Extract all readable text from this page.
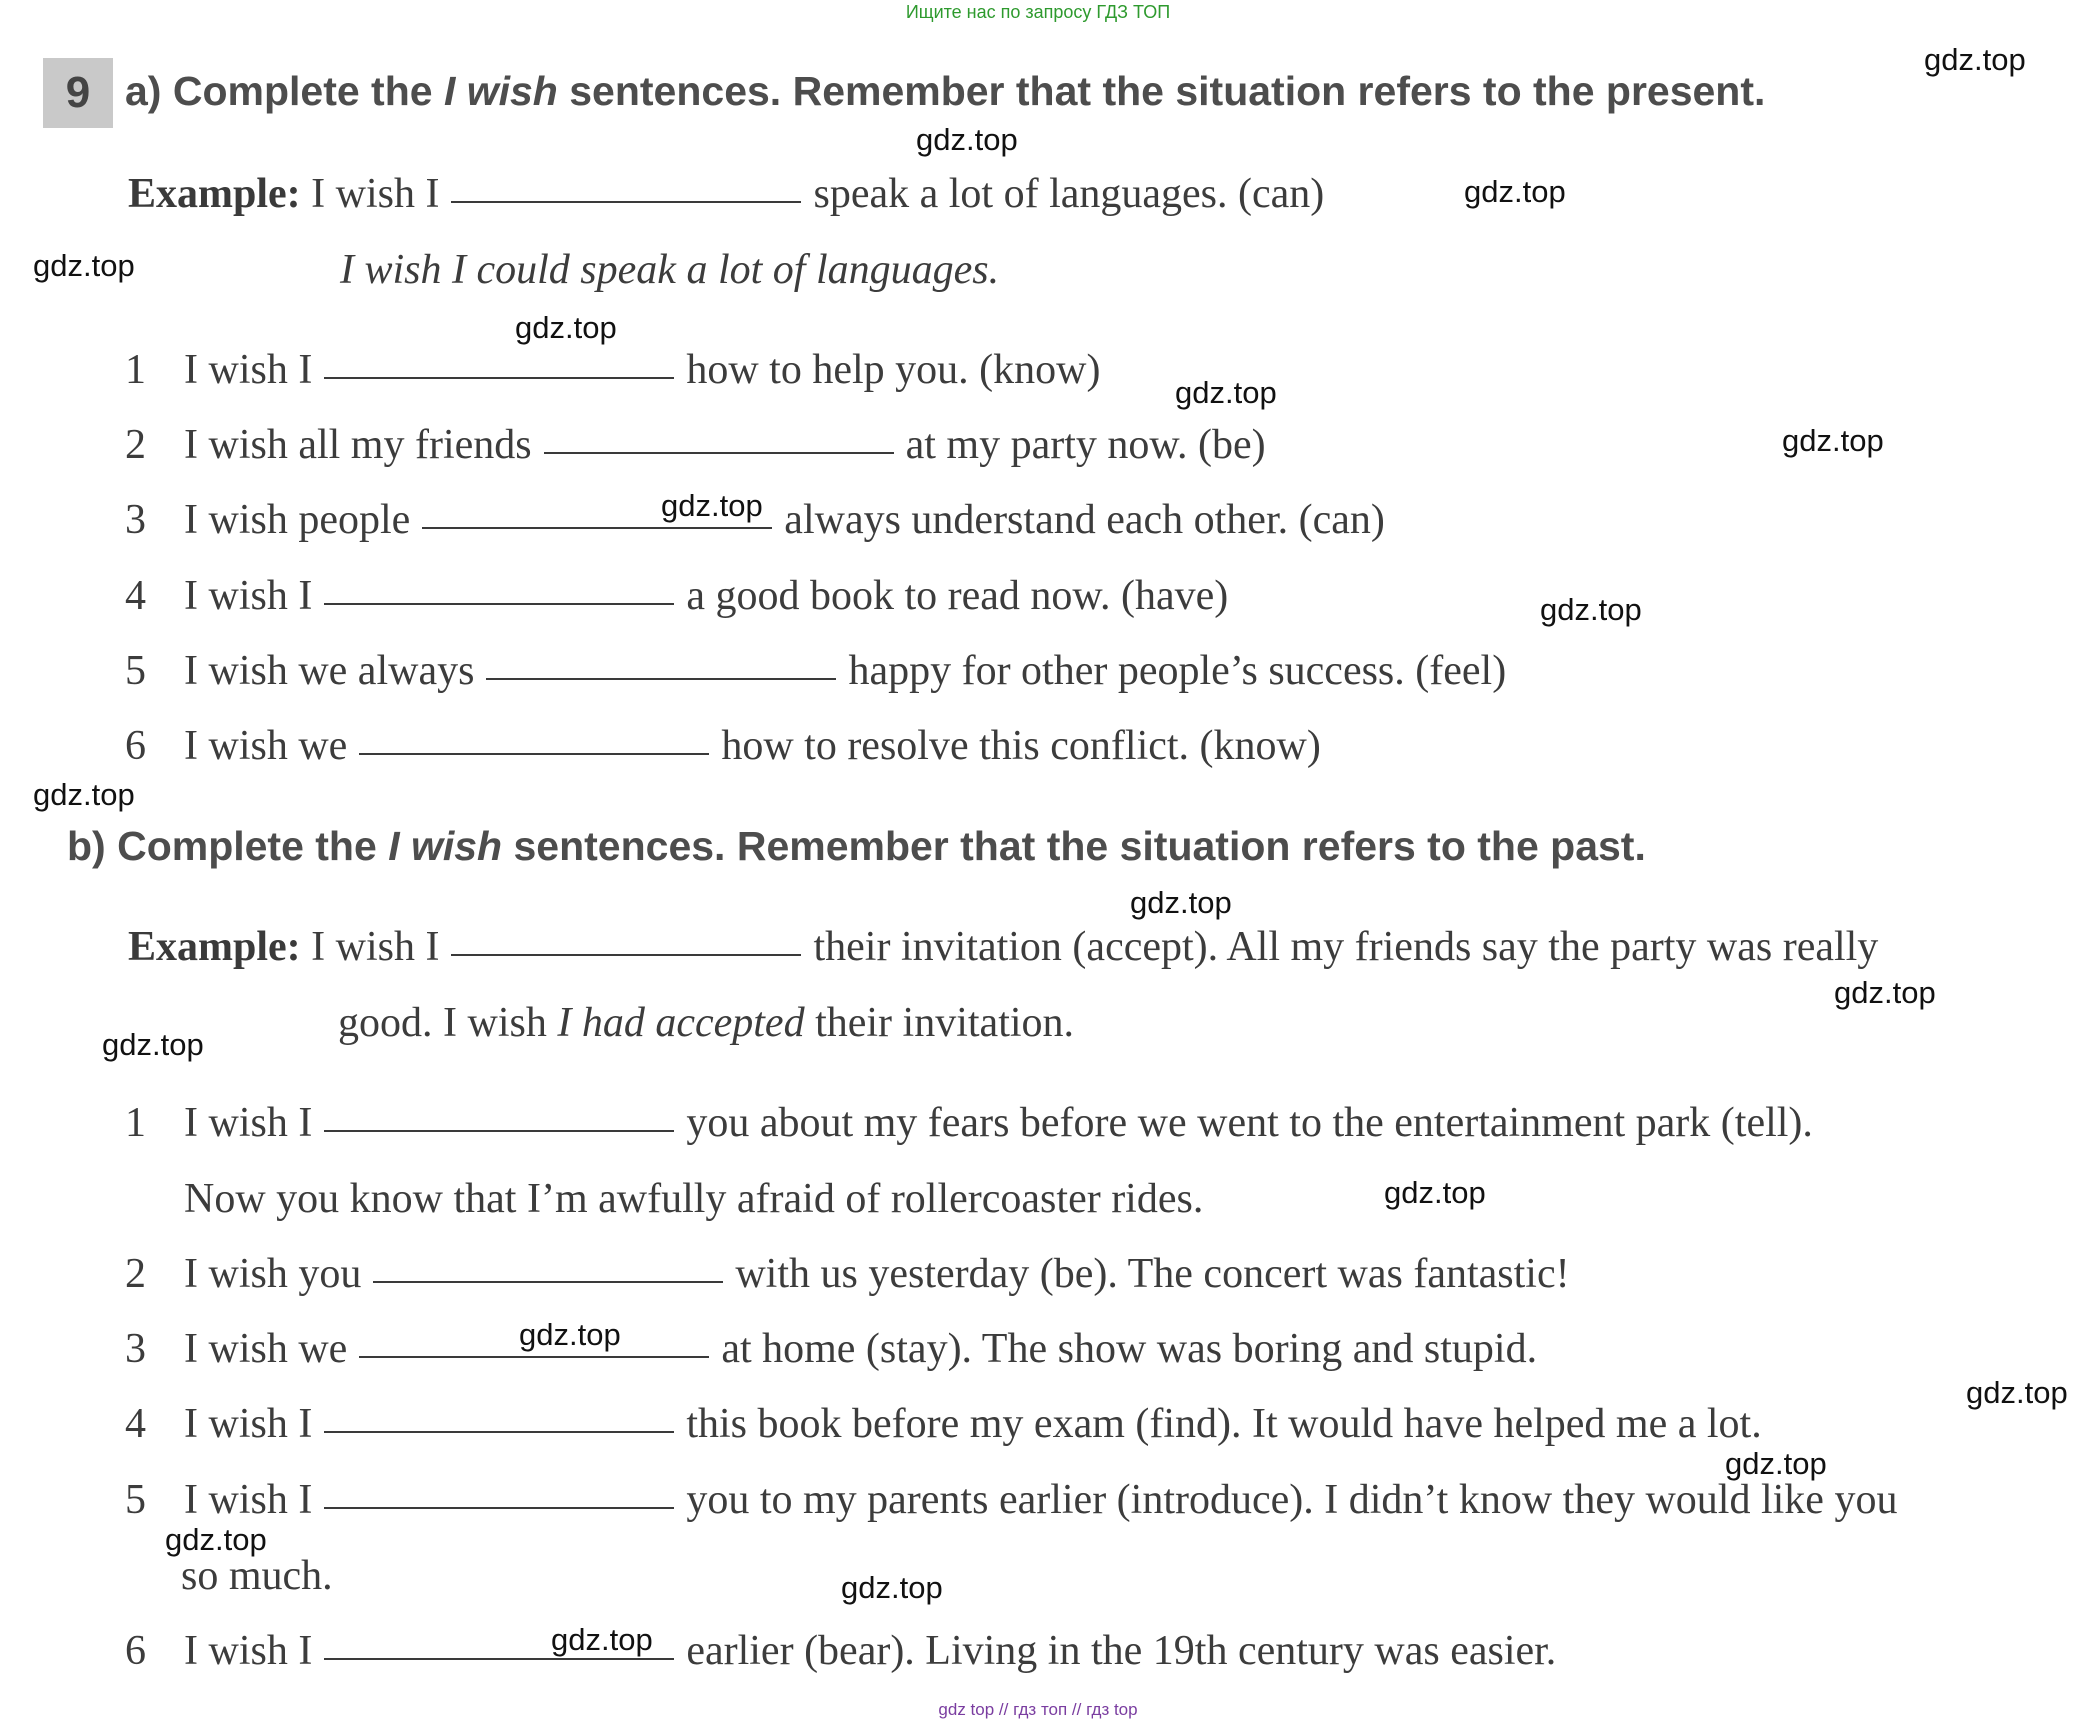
Ищите нас по запросу ГДЗ ТОП
9 a) Complete the I wish sentences. Remember that the situation refers to the present.
Example: I wish I	speak a lot of languages. (can)
I wish I could speak a lot of languages.
1 I wish I	how to help you. (know)
2 I wish all my friends	at my party now. (be)
3 I wish people	always understand each other. (can)
4 I wish I	a good book to read now. (have)
5 I wish we always	happy for other people’s success. (feel)
6 I wish we	how to resolve this conflict. (know)
b) Complete the I wish sentences. Remember that the situation refers to the past.
Example: I wish I	their invitation (accept). All my friends say the party was really
good. I wish I had accepted their invitation.
1 I wish I	you about my fears before we went to the entertainment park (tell).
Now you know that I’m awfully afraid of rollercoaster rides.
2 I wish you	with us yesterday (be). The concert was fantastic!
3 I wish we	at home (stay). The show was boring and stupid.
4 I wish I	this book before my exam (find). It would have helped me a lot.
5 I wish I	you to my parents earlier (introduce). I didn’t know they would like you
so much.
6 I wish I	earlier (bear). Living in the 19th century was easier.
gdz.top
gdz.top
gdz.top
gdz.top
gdz.top
gdz.top
gdz.top
gdz.top
gdz.top
gdz.top
gdz.top
gdz.top
gdz.top
gdz.top
gdz.top
gdz.top
gdz.top
gdz.top
gdz.top
gdz.top
gdz top // гдз топ // гдз top
